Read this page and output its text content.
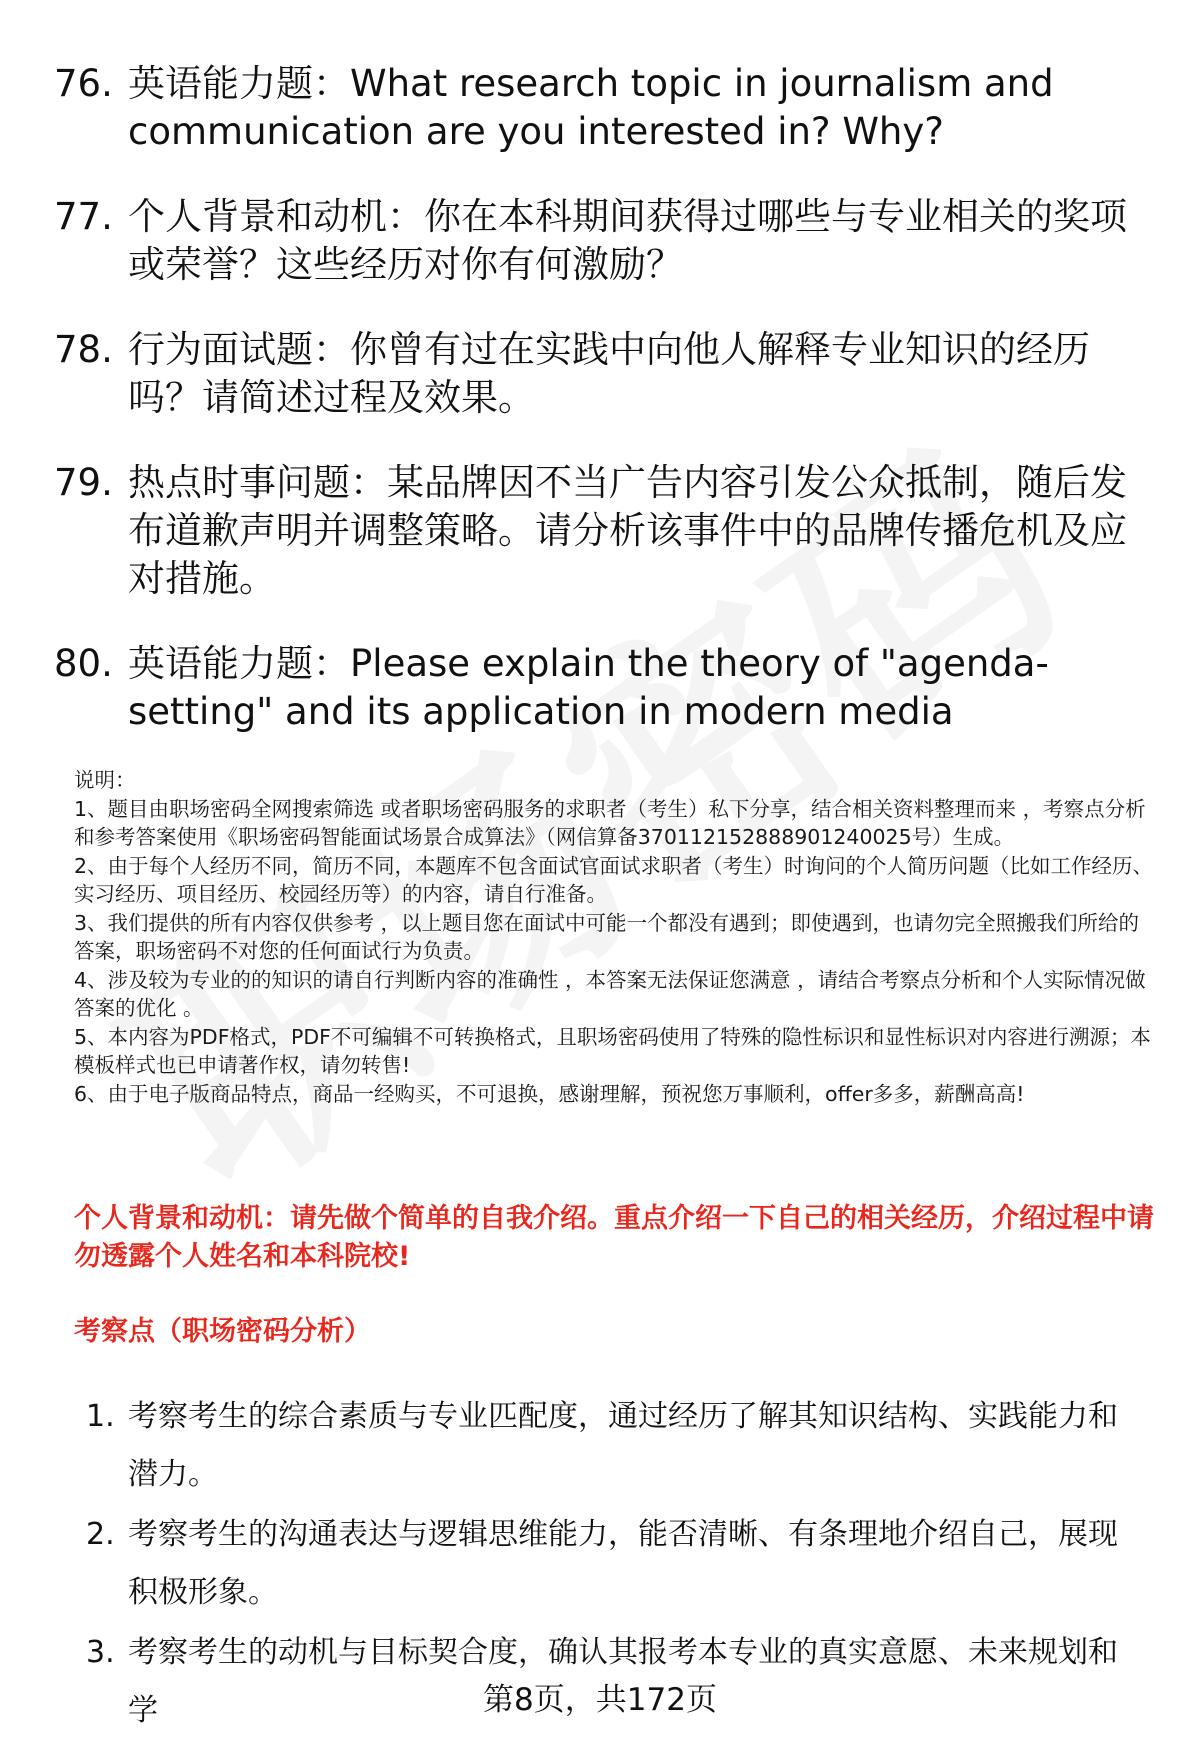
76. 英语能力题：What research topic in journalism and communication are you interested in? Why?
77. 个人背景和动机：你在本科期间获得过哪些与专业相关的奖项或荣誉？这些经历对你有何激励？
78. 行为面试题：你曾有过在实践中向他人解释专业知识的经历吗？请简述过程及效果。
79. 热点时事问题：某品牌因不当广告内容引发公众抵制，随后发布道歉声明并调整策略。请分析该事件中的品牌传播危机及应对措施。
80. 英语能力题：Please explain the theory of "agenda-setting" and its application in modern media

说明：

1、题目由职场密码全网搜索筛选 或者职场密码服务的求职者（考生）私下分享，结合相关资料整理而来 ，考察点分析和参考答案使用《职场密码智能面试场景合成算法》（网信算备370112152888901240025号）生成。

2、由于每个人经历不同，简历不同，本题库不包含面试官面试求职者（考生）时询问的个人简历问题（比如工作经历、实习经历、项目经历、校园经历等）的内容，请自行准备。

3、我们提供的所有内容仅供参考 ，以上题目您在面试中可能一个都没有遇到；即使遇到，也请勿完全照搬我们所给的答案，职场密码不对您的任何面试行为负责。

4、涉及较为专业的的知识的请自行判断内容的准确性 ，本答案无法保证您满意 ，请结合考察点分析和个人实际情况做答案的优化 。

5、本内容为PDF格式，PDF不可编辑不可转换格式，且职场密码使用了特殊的隐性标识和显性标识对内容进行溯源；本模板样式也已申请著作权，请勿转售!

6、由于电子版商品特点，商品一经购买，不可退换，感谢理解，预祝您万事顺利，offer多多，薪酬高高!

个人背景和动机：请先做个简单的自我介绍。重点介绍一下自己的相关经历，介绍过程中请勿透露个人姓名和本科院校!
考察点（职场密码分析）
1. 考察考生的综合素质与专业匹配度，通过经历了解其知识结构、实践能力和潜力。
2. 考察考生的沟通表达与逻辑思维能力，能否清晰、有条理地介绍自己，展现积极形象。
3. 考察考生的动机与目标契合度，确认其报考本专业的真实意愿、未来规划和学	第8页，共172页
